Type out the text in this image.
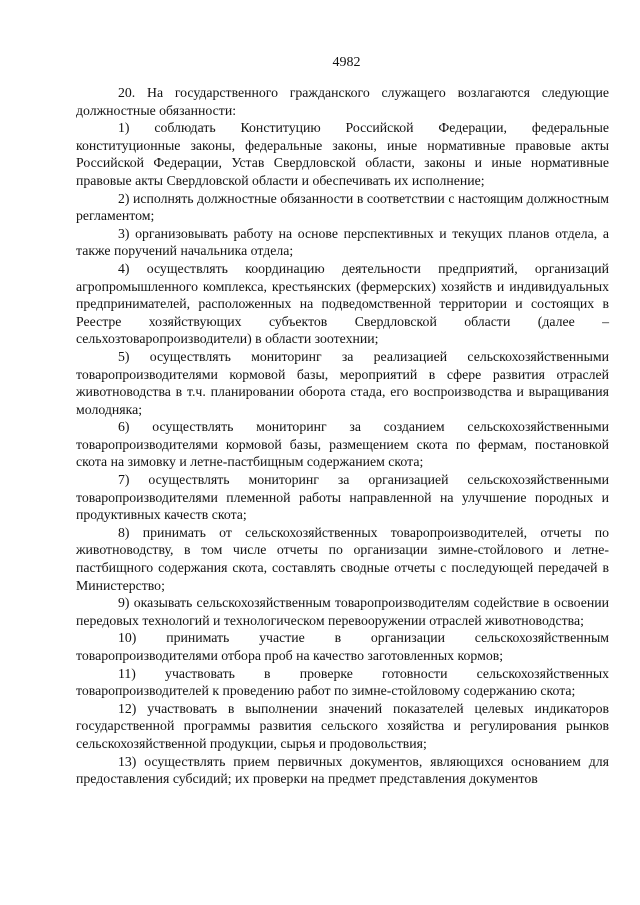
4982

20. На государственного гражданского служащего возлагаются следующие должностные обязанности:

1) соблюдать Конституцию Российской Федерации, федеральные конституционные законы, федеральные законы, иные нормативные правовые акты Российской Федерации, Устав Свердловской области, законы и иные нормативные правовые акты Свердловской области и обеспечивать их исполнение;

2) исполнять должностные обязанности в соответствии с настоящим должностным регламентом;

3) организовывать работу на основе перспективных и текущих планов отдела, а также поручений начальника отдела;

4) осуществлять координацию деятельности предприятий, организаций агропромышленного комплекса, крестьянских (фермерских) хозяйств и индивидуальных предпринимателей, расположенных на подведомственной территории и состоящих в Реестре хозяйствующих субъектов Свердловской области (далее – сельхозтоваропроизводители) в области зоотехнии;

5) осуществлять мониторинг за реализацией сельскохозяйственными товаропроизводителями кормовой базы, мероприятий в сфере развития отраслей животноводства в т.ч. планировании оборота стада, его воспроизводства и выращивания молодняка;

6) осуществлять мониторинг за созданием сельскохозяйственными товаропроизводителями кормовой базы, размещением скота по фермам, постановкой скота на зимовку и летне-пастбищным содержанием скота;

7) осуществлять мониторинг за организацией сельскохозяйственными товаропроизводителями племенной работы направленной на улучшение породных и продуктивных качеств скота;

8) принимать от сельскохозяйственных товаропроизводителей, отчеты по животноводству, в том числе отчеты по организации зимне-стойлового и летне-пастбищного содержания скота, составлять сводные отчеты с последующей передачей в Министерство;

9) оказывать сельскохозяйственным товаропроизводителям содействие в освоении передовых технологий и технологическом перевооружении отраслей животноводства;

10) принимать участие в организации сельскохозяйственным товаропроизводителями отбора проб на качество заготовленных кормов;

11) участвовать в проверке готовности сельскохозяйственных товаропроизводителей к проведению работ по зимне-стойловому содержанию скота;

12) участвовать в выполнении значений показателей целевых индикаторов государственной программы развития сельского хозяйства и регулирования рынков сельскохозяйственной продукции, сырья и продовольствия;

13) осуществлять прием первичных документов, являющихся основанием для предоставления субсидий; их проверки на предмет представления документов
